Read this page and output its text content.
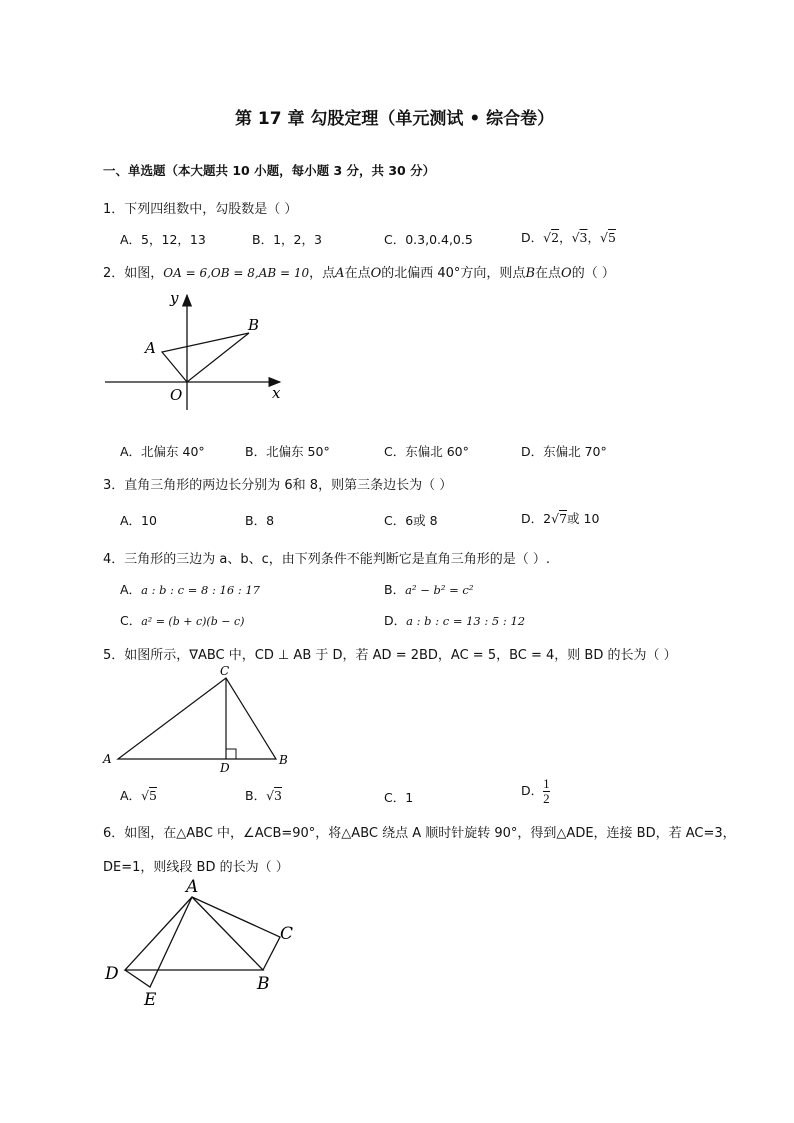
第 17 章 勾股定理（单元测试 • 综合卷）
一、单选题（本大题共 10 小题，每小题 3 分，共 30 分）
1．下列四组数中，勾股数是（ ）
A．5，12，13	B．1，2，3	C．0.3,0.4,0.5	D．√2，√3，√5
2．如图，OA = 6,OB = 8,AB = 10，点A在点O的北偏西 40°方向，则点B在点O的（ ）
y
x
A
B
O
A．北偏东 40°	B．北偏东 50°	C．东偏北 60°	D．东偏北 70°
3．直角三角形的两边长分别为 6和 8，则第三条边长为（ ）
A．10	B．8	C．6或 8	D．2√7或 10
4．三角形的三边为 a、b、c，由下列条件不能判断它是直角三角形的是（ ）.
A．a : b : c = 8 : 16 : 17	B．a² − b² = c²
C．a² = (b + c)(b − c)	D．a : b : c = 13 : 5 : 12
5．如图所示，∇ABC 中，CD ⊥ AB 于 D，若 AD = 2BD，AC = 5，BC = 4，则 BD 的长为（ ）
C
A	B
D
A．√5	B．√3	C．1	D． $\frac{1}{2}$
6．如图，在△ABC 中，∠ACB=90°，将△ABC 绕点 A 顺时针旋转 90°，得到△ADE，连接 BD，若 AC=3，
DE=1，则线段 BD 的长为（ ）
A
C
D	B
E
